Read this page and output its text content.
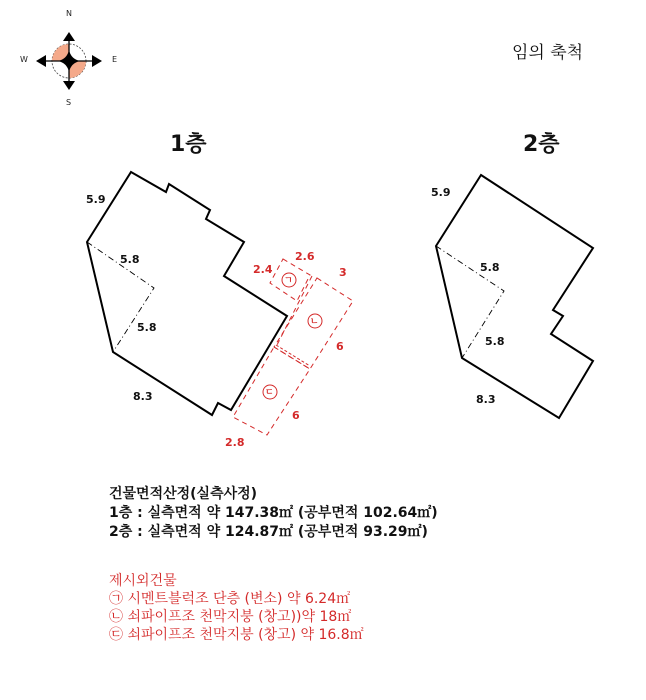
N
S
W	E	임의 축척
1층	2층
5.9
5.8
5.8
8.3
2.4
2.6
3
6
6
2.8
ㄱ
ㄴ
ㄷ
5.9
5.8
5.8
8.3
건물면적산정(실측사정)
1층 : 실측면적 약 147.38㎡ (공부면적 102.64㎡)
2층 : 실측면적 약 124.87㎡ (공부면적 93.29㎡)
제시외건물
㉠ 시멘트블럭조 단층 (변소) 약 6.24㎡
㉡ 쇠파이프조 천막지붕 (창고))약 18㎡
㉢ 쇠파이프조 천막지붕 (창고) 약 16.8㎡
